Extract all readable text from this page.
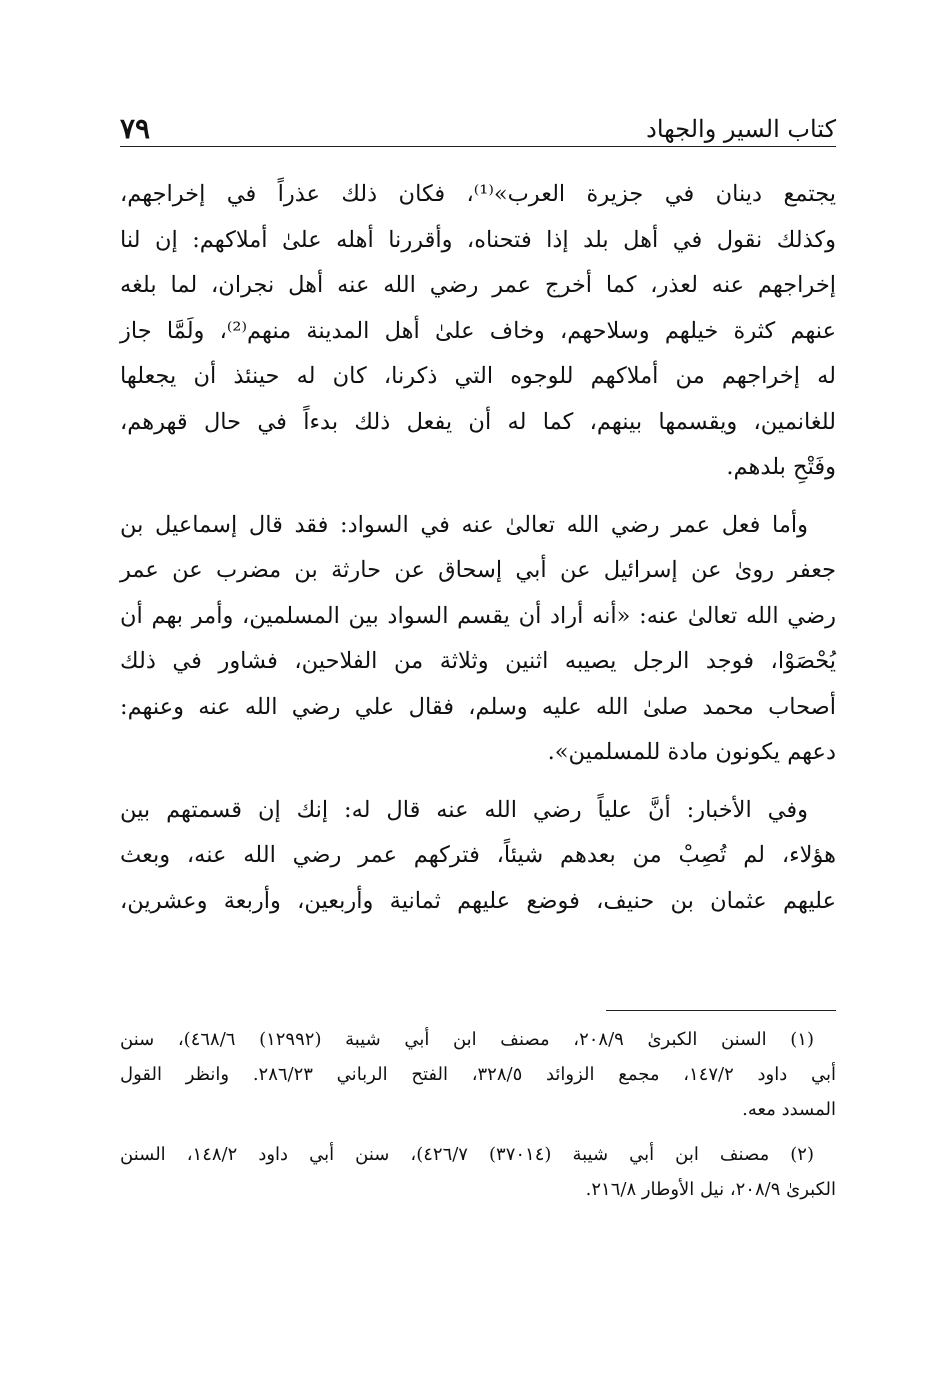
كتاب السير والجهاد
٧٩

يجتمع دينان في جزيرة العرب»⁽¹⁾، فكان ذلك عذراً في إخراجهم،
وكذلك نقول في أهل بلد إذا فتحناه، وأقررنا أهله علىٰ أملاكهم: إن لنا
إخراجهم عنه لعذر، كما أخرج عمر رضي الله عنه أهل نجران، لما بلغه
عنهم كثرة خيلهم وسلاحهم، وخاف علىٰ أهل المدينة منهم⁽²⁾، ولَمَّا جاز
له إخراجهم من أملاكهم للوجوه التي ذكرنا، كان له حينئذ أن يجعلها
للغانمين، ويقسمها بينهم، كما له أن يفعل ذلك بدءاً في حال قهرهم،
وفَتْحِ بلدهم.

وأما فعل عمر رضي الله تعالىٰ عنه في السواد: فقد قال إسماعيل بن
جعفر روىٰ عن إسرائيل عن أبي إسحاق عن حارثة بن مضرب عن عمر
رضي الله تعالىٰ عنه: «أنه أراد أن يقسم السواد بين المسلمين، وأمر بهم أن
يُحْصَوْا، فوجد الرجل يصيبه اثنين وثلاثة من الفلاحين، فشاور في ذلك
أصحاب محمد صلىٰ الله عليه وسلم، فقال علي رضي الله عنه وعنهم:
دعهم يكونون مادة للمسلمين».

وفي الأخبار: أنَّ علياً رضي الله عنه قال له: إنك إن قسمتهم بين
هؤلاء، لم تُصِبْ من بعدهم شيئاً، فتركهم عمر رضي الله عنه، وبعث
عليهم عثمان بن حنيف، فوضع عليهم ثمانية وأربعين، وأربعة وعشرين،

(١) السنن الكبرىٰ ٢٠٨/٩، مصنف ابن أبي شيبة (١٢٩٩٢) ٤٦٨/٦)، سنن
أبي داود ١٤٧/٢، مجمع الزوائد ٣٢٨/٥، الفتح الرباني ٢٨٦/٢٣. وانظر القول
المسدد معه.
(٢) مصنف ابن أبي شيبة (٣٧٠١٤) ٤٢٦/٧)، سنن أبي داود ١٤٨/٢، السنن
الكبرىٰ ٢٠٨/٩، نيل الأوطار ٢١٦/٨.
